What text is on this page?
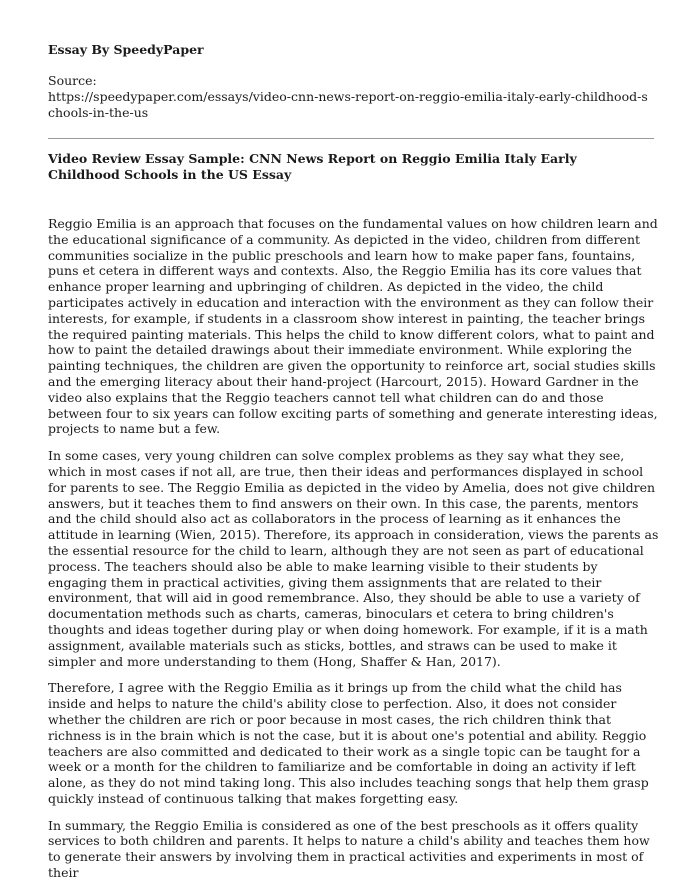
Essay By SpeedyPaper
Source:
https://speedypaper.com/essays/video-cnn-news-report-on-reggio-emilia-italy-early-childhood-schools-in-the-us
Video Review Essay Sample: CNN News Report on Reggio Emilia Italy Early Childhood Schools in the US Essay

Reggio Emilia is an approach that focuses on the fundamental values on how children learn and the educational significance of a community. As depicted in the video, children from different communities socialize in the public preschools and learn how to make paper fans, fountains, puns et cetera in different ways and contexts. Also, the Reggio Emilia has its core values that enhance proper learning and upbringing of children. As depicted in the video, the child participates actively in education and interaction with the environment as they can follow their interests, for example, if students in a classroom show interest in painting, the teacher brings the required painting materials. This helps the child to know different colors, what to paint and how to paint the detailed drawings about their immediate environment. While exploring the painting techniques, the children are given the opportunity to reinforce art, social studies skills and the emerging literacy about their hand-project (Harcourt, 2015). Howard Gardner in the video also explains that the Reggio teachers cannot tell what children can do and those between four to six years can follow exciting parts of something and generate interesting ideas, projects to name but a few.

In some cases, very young children can solve complex problems as they say what they see, which in most cases if not all, are true, then their ideas and performances displayed in school for parents to see. The Reggio Emilia as depicted in the video by Amelia, does not give children answers, but it teaches them to find answers on their own. In this case, the parents, mentors and the child should also act as collaborators in the process of learning as it enhances the attitude in learning (Wien, 2015). Therefore, its approach in consideration, views the parents as the essential resource for the child to learn, although they are not seen as part of educational process. The teachers should also be able to make learning visible to their students by engaging them in practical activities, giving them assignments that are related to their environment, that will aid in good remembrance. Also, they should be able to use a variety of documentation methods such as charts, cameras, binoculars et cetera to bring children's thoughts and ideas together during play or when doing homework. For example, if it is a math assignment, available materials such as sticks, bottles, and straws can be used to make it simpler and more understanding to them (Hong, Shaffer & Han, 2017).

Therefore, I agree with the Reggio Emilia as it brings up from the child what the child has inside and helps to nature the child's ability close to perfection. Also, it does not consider whether the children are rich or poor because in most cases, the rich children think that richness is in the brain which is not the case, but it is about one's potential and ability. Reggio teachers are also committed and dedicated to their work as a single topic can be taught for a week or a month for the children to familiarize and be comfortable in doing an activity if left alone, as they do not mind taking long. This also includes teaching songs that help them grasp quickly instead of continuous talking that makes forgetting easy.

In summary, the Reggio Emilia is considered as one of the best preschools as it offers quality services to both children and parents. It helps to nature a child's ability and teaches them how to generate their answers by involving them in practical activities and experiments in most of their
